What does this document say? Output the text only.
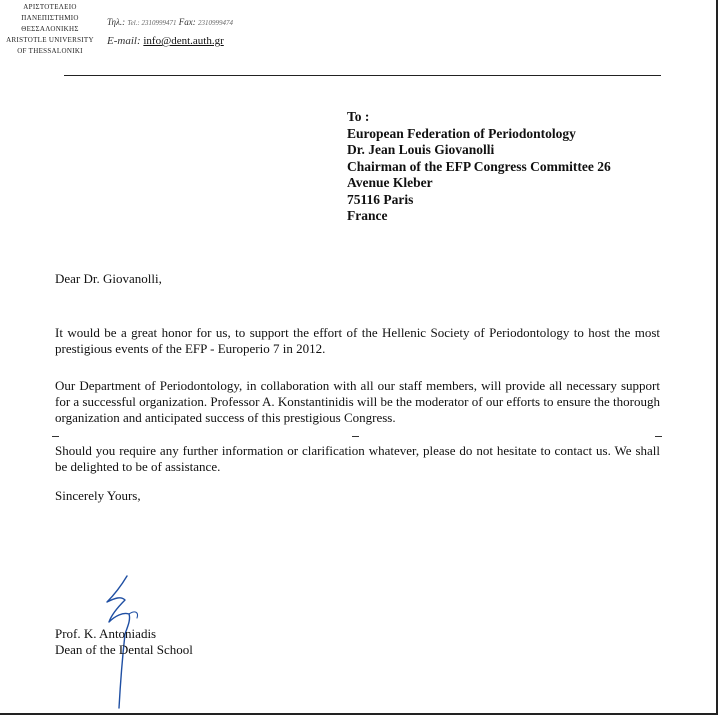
ΑΡΙΣΤΟΤΕΛΕΙΟ
ΠΑΝΕΠΙΣΤΗΜΙΟ
ΘΕΣΣΑΛΟΝΙΚΗΣ
ARISTOTLE UNIVERSITY
OF THESSALONIKI
Τηλ.: Tel.: 2310999471 Fax: 2310999474
E-mail: info@dent.auth.gr
To :
European Federation of Periodontology
Dr. Jean Louis Giovanolli
Chairman of the EFP Congress Committee 26
Avenue Kleber
75116 Paris
France
Dear Dr. Giovanolli,
It would be a great honor for us, to support the effort of the Hellenic Society of Periodontology to host the most prestigious events of the EFP - Europerio 7 in 2012.
Our Department of Periodontology, in collaboration with all our staff members, will provide all necessary support for a successful organization. Professor A. Konstantinidis will be the moderator of our efforts to ensure the thorough organization and anticipated success of this prestigious Congress.
Should you require any further information or clarification whatever, please do not hesitate to contact us. We shall be delighted to be of assistance.
Sincerely Yours,
Prof. K. Antoniadis
Dean of the Dental School
